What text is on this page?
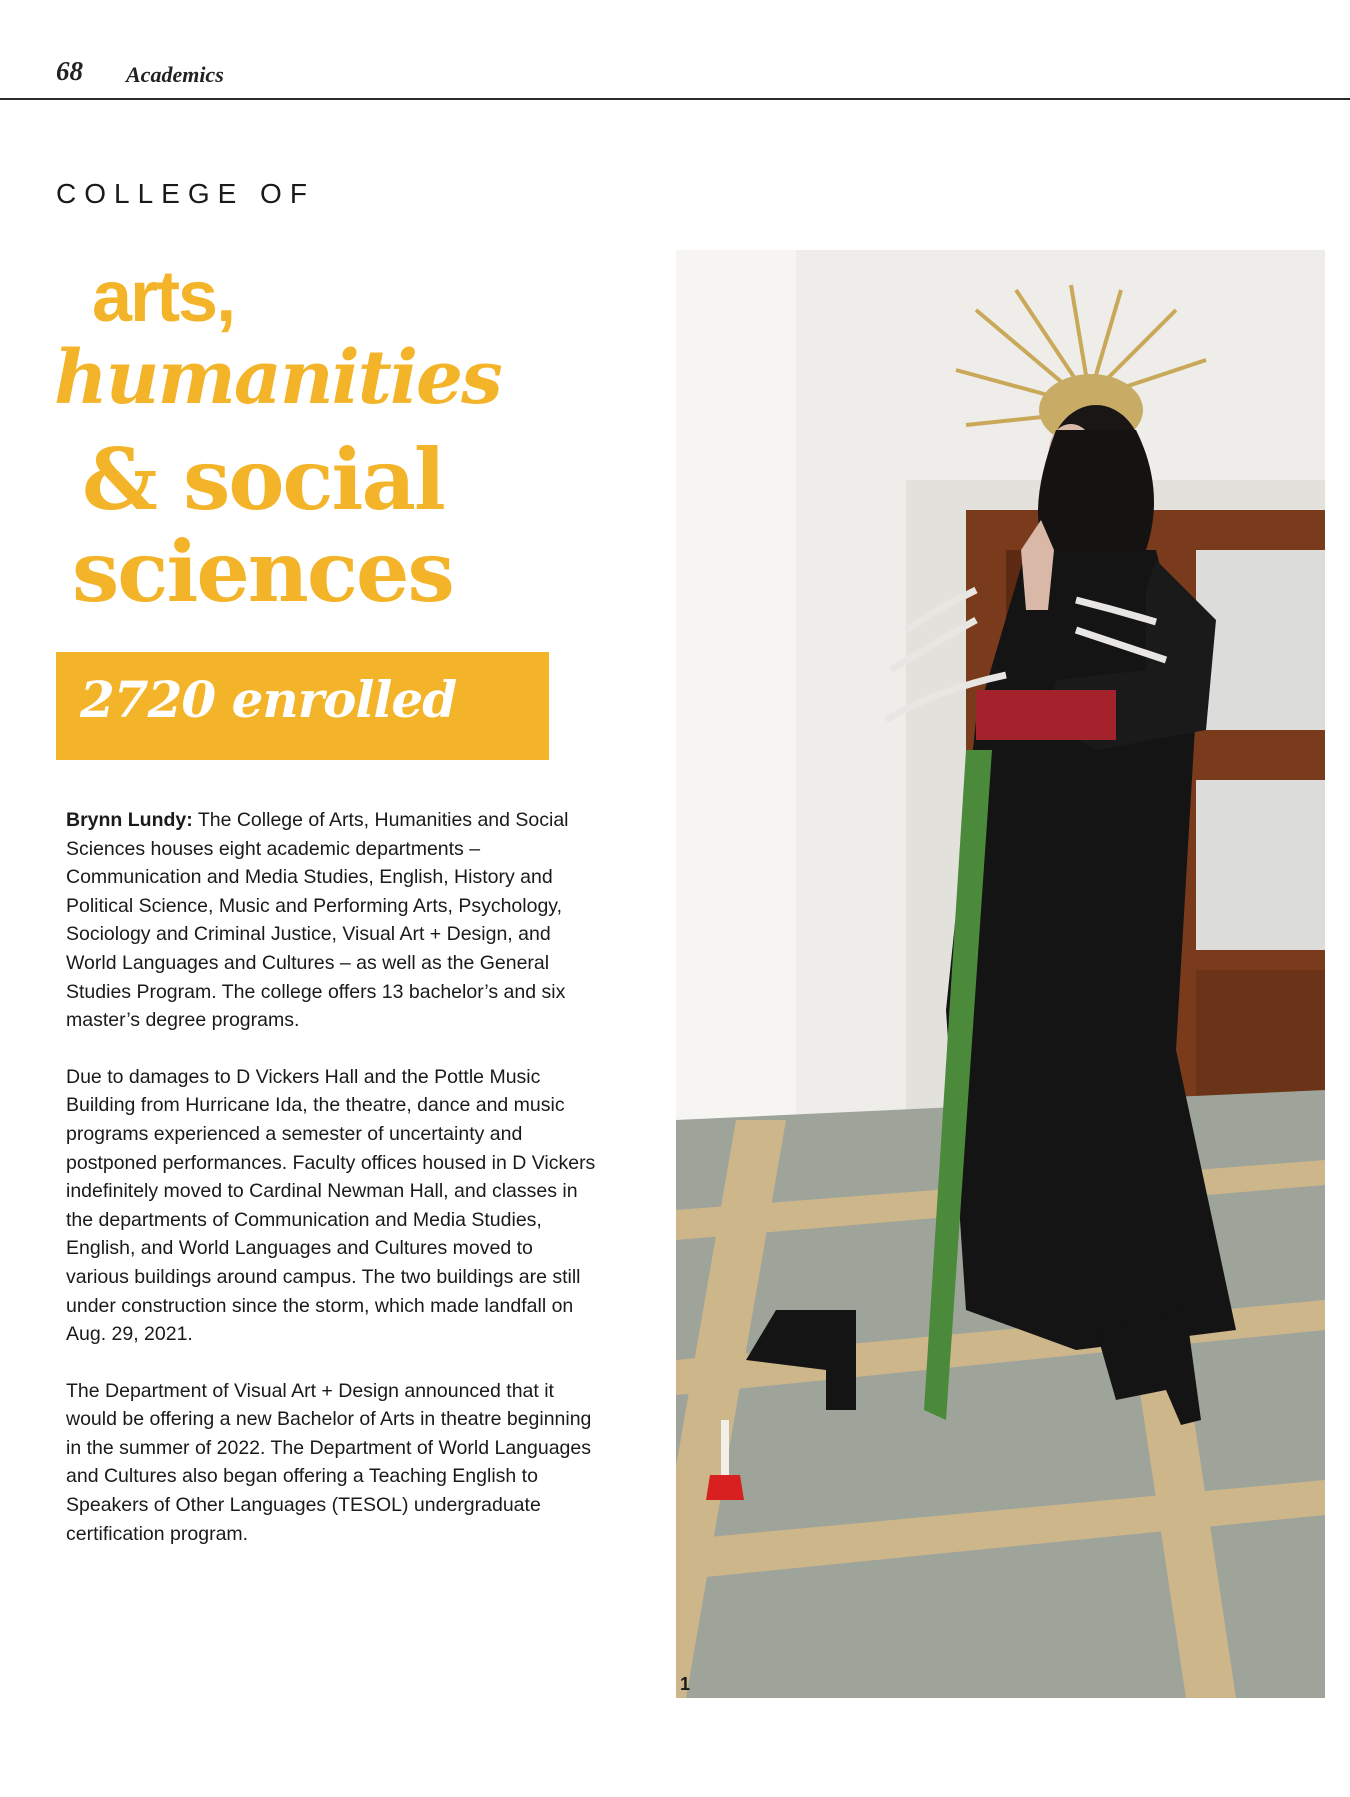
68 Academics
COLLEGE OF
arts,
humanities
& social
sciences
2720 enrolled

Brynn Lundy: The College of Arts, Humanities and Social Sciences houses eight academic departments – Communication and Media Studies, English, History and Political Science, Music and Performing Arts, Psychology, Sociology and Criminal Justice, Visual Art + Design, and World Languages and Cultures – as well as the General Studies Program. The college offers 13 bachelor’s and six master’s degree programs.

Due to damages to D Vickers Hall and the Pottle Music Building from Hurricane Ida, the theatre, dance and music programs experienced a semester of uncertainty and postponed performances. Faculty offices housed in D Vickers indefinitely moved to Cardinal Newman Hall, and classes in the departments of Communication and Media Studies, English, and World Languages and Cultures moved to various buildings around campus. The two buildings are still under construction since the storm, which made landfall on Aug. 29, 2021.

The Department of Visual Art + Design announced that it would be offering a new Bachelor of Arts in theatre beginning in the summer of 2022. The Department of World Languages and Cultures also began offering a Teaching English to Speakers of Other Languages (TESOL) undergraduate certification program.

1
